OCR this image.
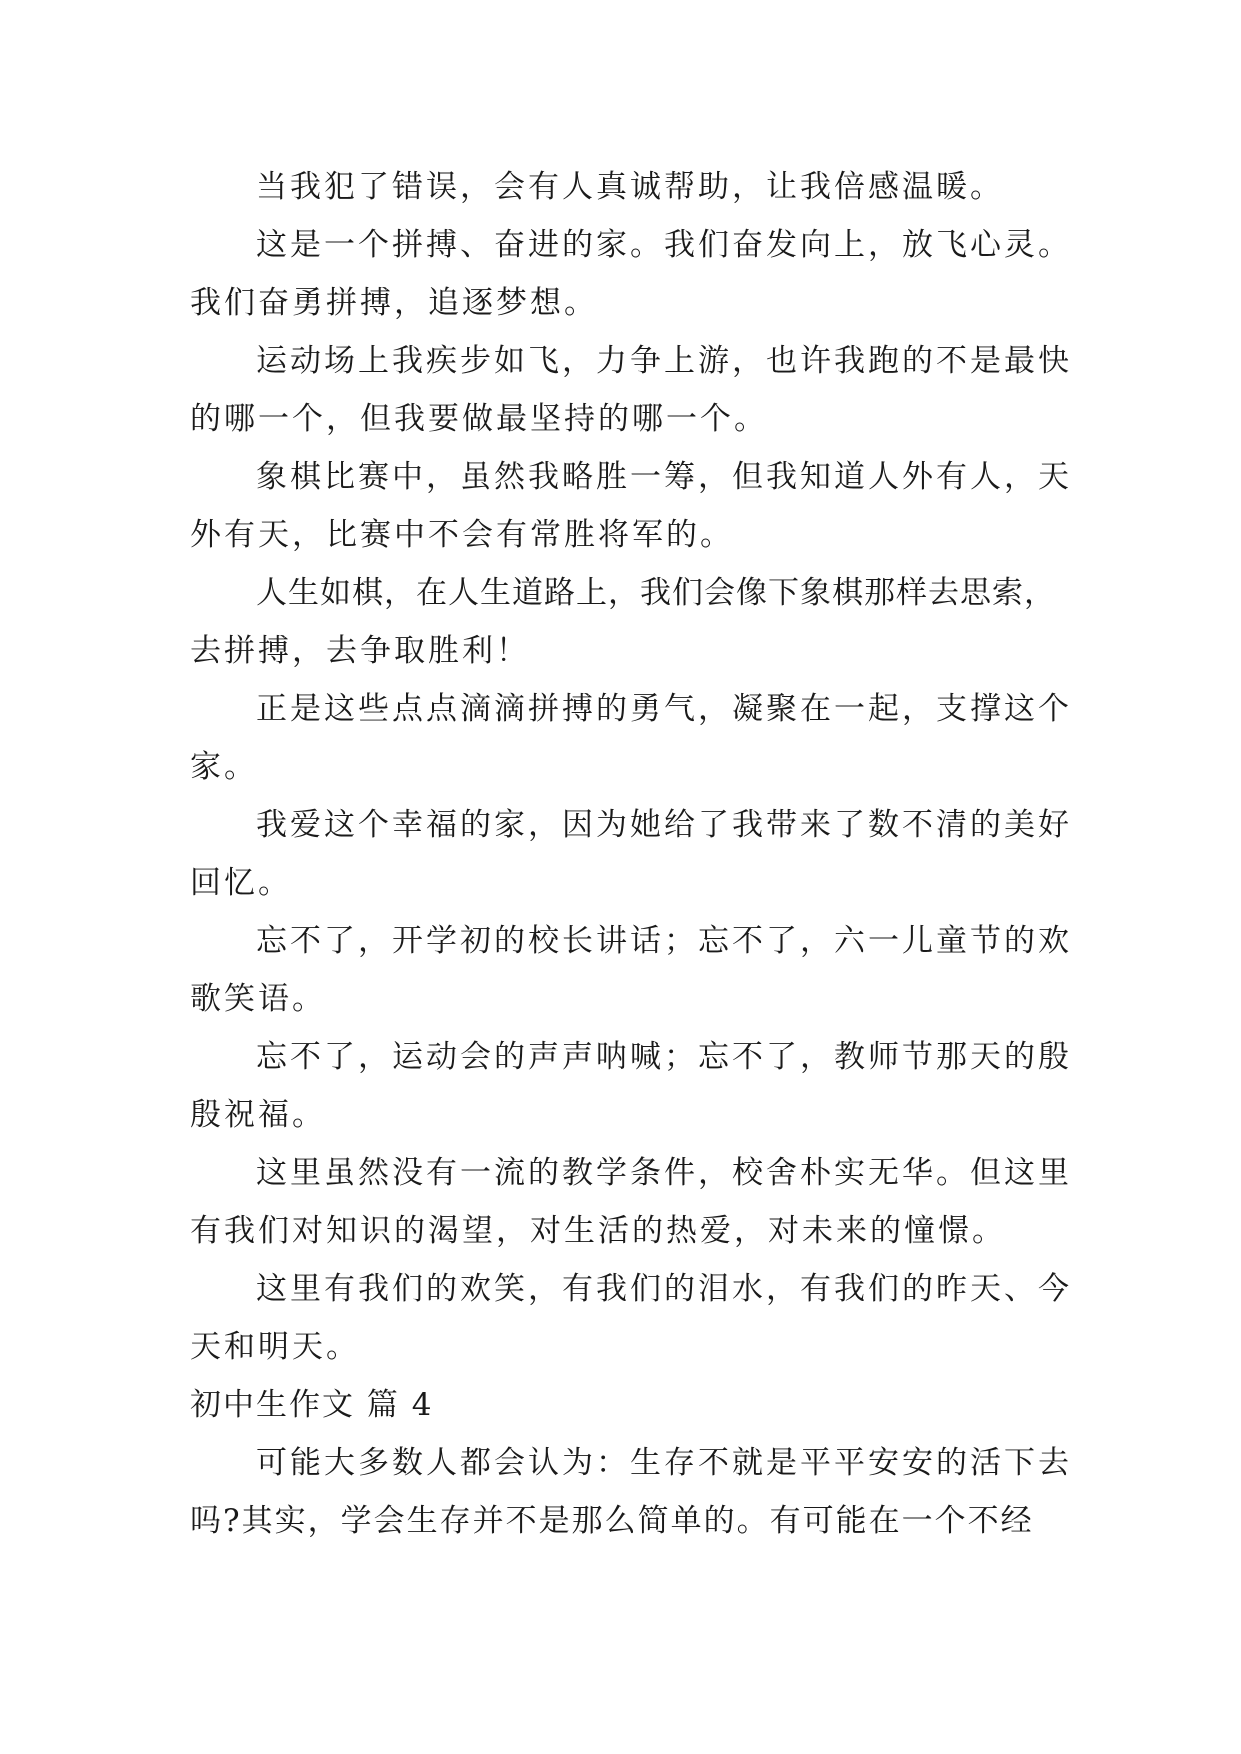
当我犯了错误，会有人真诚帮助，让我倍感温暖。
这是一个拼搏、奋进的家。我们奋发向上，放飞心灵。
我们奋勇拼搏，追逐梦想。
运动场上我疾步如飞，力争上游，也许我跑的不是最快
的哪一个，但我要做最坚持的哪一个。
象棋比赛中，虽然我略胜一筹，但我知道人外有人，天
外有天，比赛中不会有常胜将军的。
人生如棋，在人生道路上，我们会像下象棋那样去思索，
去拼搏，去争取胜利！
正是这些点点滴滴拼搏的勇气，凝聚在一起，支撑这个
家。
我爱这个幸福的家，因为她给了我带来了数不清的美好
回忆。
忘不了，开学初的校长讲话；忘不了，六一儿童节的欢
歌笑语。
忘不了，运动会的声声呐喊；忘不了，教师节那天的殷
殷祝福。
这里虽然没有一流的教学条件，校舍朴实无华。但这里
有我们对知识的渴望，对生活的热爱，对未来的憧憬。
这里有我们的欢笑，有我们的泪水，有我们的昨天、今
天和明天。
初中生作文 篇 4
可能大多数人都会认为：生存不就是平平安安的活下去
吗?其实，学会生存并不是那么简单的。有可能在一个不经
